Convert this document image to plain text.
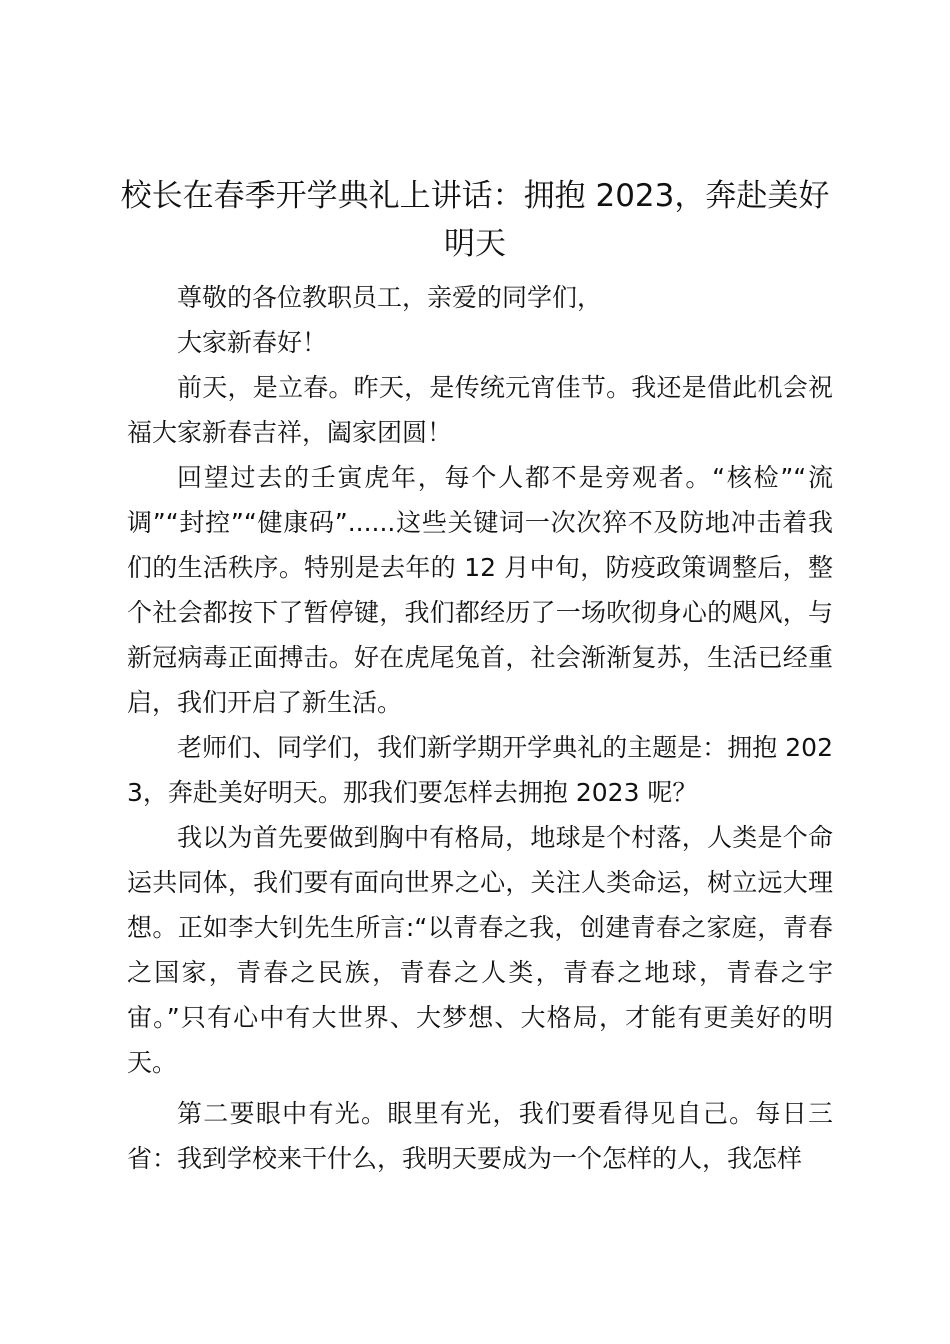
校长在春季开学典礼上讲话：拥抱 2023，奔赴美好明天

尊敬的各位教职员工，亲爱的同学们，

大家新春好！

前天，是立春。昨天，是传统元宵佳节。我还是借此机会祝福大家新春吉祥，阖家团圆！

回望过去的壬寅虎年，每个人都不是旁观者。“核检”“流调”“封控”“健康码”......这些关键词一次次猝不及防地冲击着我们的生活秩序。特别是去年的 12 月中旬，防疫政策调整后，整个社会都按下了暂停键，我们都经历了一场吹彻身心的飓风，与新冠病毒正面搏击。好在虎尾兔首，社会渐渐复苏，生活已经重启，我们开启了新生活。

老师们、同学们，我们新学期开学典礼的主题是：拥抱 2023，奔赴美好明天。那我们要怎样去拥抱 2023 呢？

我以为首先要做到胸中有格局，地球是个村落，人类是个命运共同体，我们要有面向世界之心，关注人类命运，树立远大理想。正如李大钊先生所言:“以青春之我，创建青春之家庭，青春之国家，青春之民族，青春之人类，青春之地球，青春之宇宙。”只有心中有大世界、大梦想、大格局，才能有更美好的明天。

第二要眼中有光。眼里有光，我们要看得见自己。每日三省：我到学校来干什么，我明天要成为一个怎样的人，我怎样
